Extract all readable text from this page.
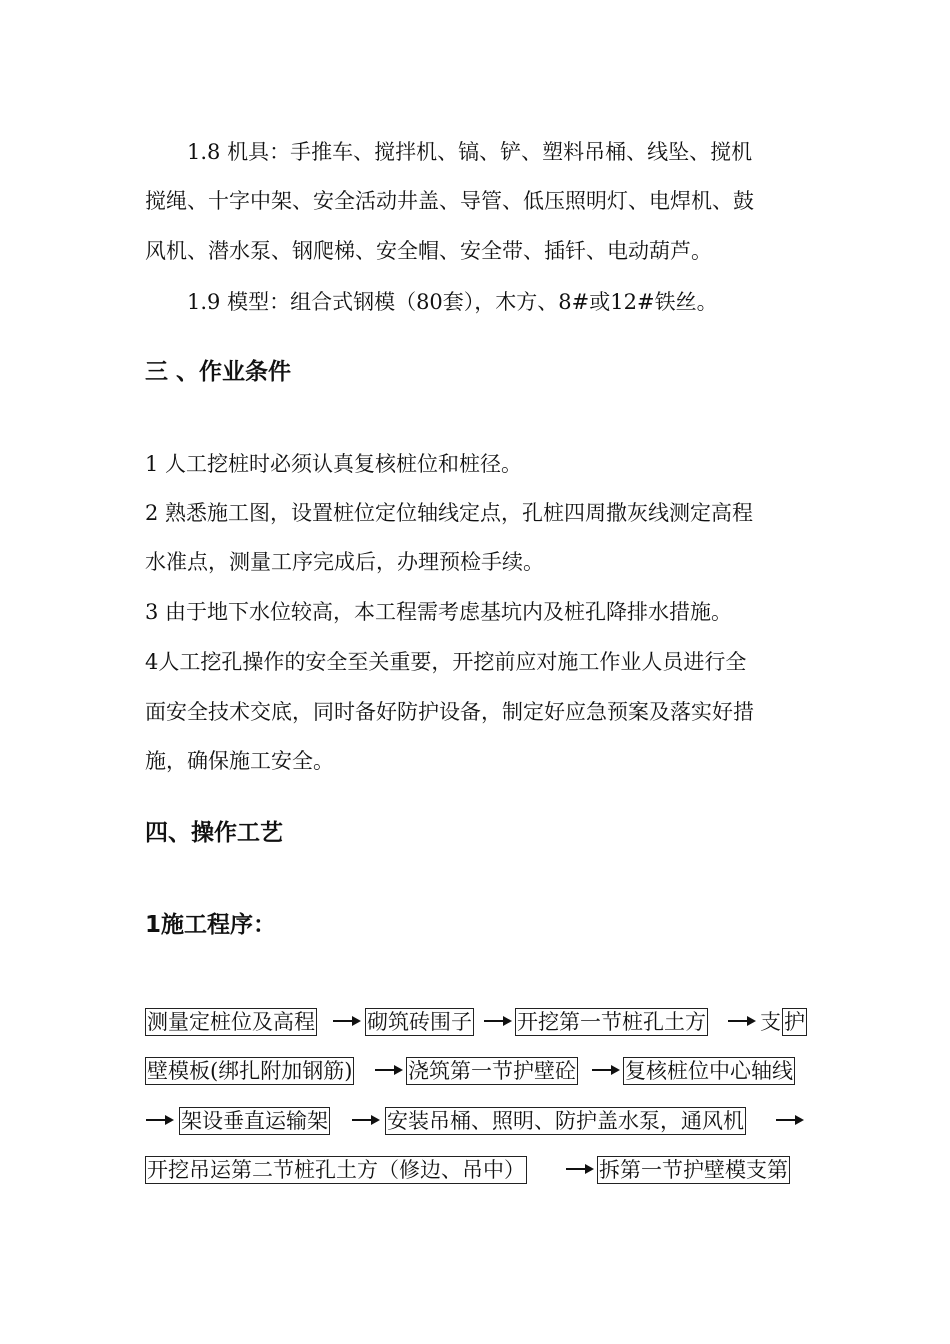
1.8 机具：手推车、搅拌机、镐、铲、塑料吊桶、线坠、搅机
搅绳、十字中架、安全活动井盖、导管、低压照明灯、电焊机、鼓
风机、潜水泵、钢爬梯、安全帽、安全带、插钎、电动葫芦。
1.9 模型：组合式钢模（80套），木方、8#或12#铁丝。
三 、作业条件
1 人工挖桩时必须认真复核桩位和桩径。
2 熟悉施工图，设置桩位定位轴线定点，孔桩四周撒灰线测定高程
水准点，测量工序完成后，办理预检手续。
3 由于地下水位较高，本工程需考虑基坑内及桩孔降排水措施。
4人工挖孔操作的安全至关重要，开挖前应对施工作业人员进行全
面安全技术交底，同时备好防护设备，制定好应急预案及落实好措
施，确保施工安全。
四、操作工艺
1施工程序：
测量定桩位及高程 砌筑砖围子 开挖第一节桩孔土方	支 护
壁模板(绑扎附加钢筋)	浇筑第一节护壁砼 复核桩位中心轴线
架设垂直运输架	安装吊桶、照明、防护盖水泵，通风机
开挖吊运第二节桩孔土方（修边、吊中）	拆第一节护壁模支第
